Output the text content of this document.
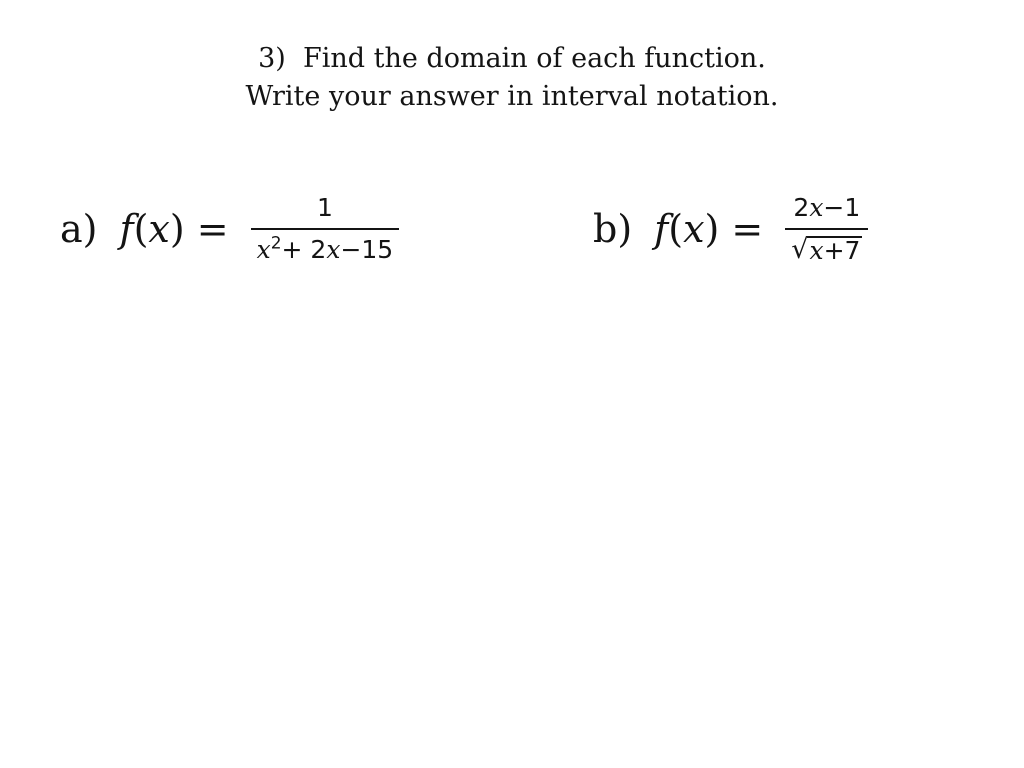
3)  Find the domain of each function.
Write your answer in interval notation.
a) $f(x) = \frac{1}{x^2+ 2x-15}$	b) $f(x) = \frac{2x-1}{√ x+7}$
